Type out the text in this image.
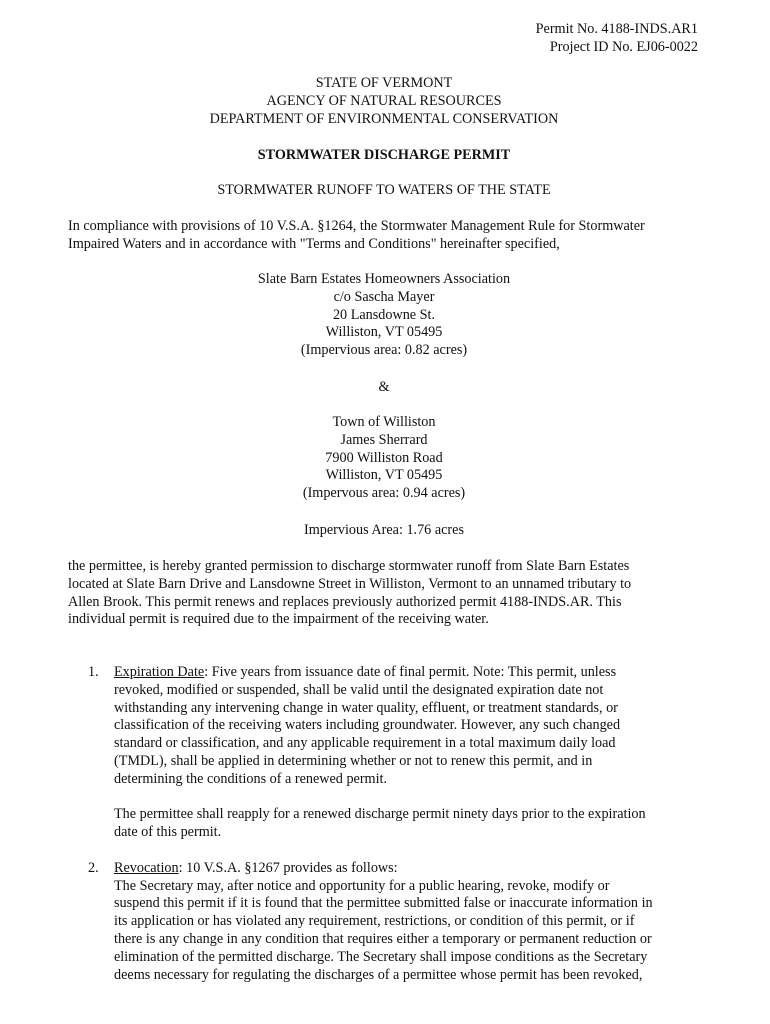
Permit No. 4188-INDS.AR1
Project ID No. EJ06-0022
STATE OF VERMONT
AGENCY OF NATURAL RESOURCES
DEPARTMENT OF ENVIRONMENTAL CONSERVATION
STORMWATER DISCHARGE PERMIT
STORMWATER RUNOFF TO WATERS OF THE STATE
In compliance with provisions of 10 V.S.A. §1264, the Stormwater Management Rule for Stormwater
Impaired Waters and in accordance with "Terms and Conditions" hereinafter specified,
Slate Barn Estates Homeowners Association
c/o Sascha Mayer
20 Lansdowne St.
Williston, VT 05495
(Impervious area: 0.82 acres)
&
Town of Williston
James Sherrard
7900 Williston Road
Williston, VT 05495
(Impervous area: 0.94 acres)
Impervious Area: 1.76 acres
the permittee, is hereby granted permission to discharge stormwater runoff from Slate Barn Estates
located at Slate Barn Drive and Lansdowne Street in Williston, Vermont to an unnamed tributary to
Allen Brook. This permit renews and replaces previously authorized permit 4188-INDS.AR. This
individual permit is required due to the impairment of the receiving water.
1. Expiration Date: Five years from issuance date of final permit. Note: This permit, unless
revoked, modified or suspended, shall be valid until the designated expiration date not
withstanding any intervening change in water quality, effluent, or treatment standards, or
classification of the receiving waters including groundwater. However, any such changed
standard or classification, and any applicable requirement in a total maximum daily load
(TMDL), shall be applied in determining whether or not to renew this permit, and in
determining the conditions of a renewed permit.
The permittee shall reapply for a renewed discharge permit ninety days prior to the expiration
date of this permit.
2. Revocation: 10 V.S.A. §1267 provides as follows:
The Secretary may, after notice and opportunity for a public hearing, revoke, modify or
suspend this permit if it is found that the permittee submitted false or inaccurate information in
its application or has violated any requirement, restrictions, or condition of this permit, or if
there is any change in any condition that requires either a temporary or permanent reduction or
elimination of the permitted discharge. The Secretary shall impose conditions as the Secretary
deems necessary for regulating the discharges of a permittee whose permit has been revoked,
